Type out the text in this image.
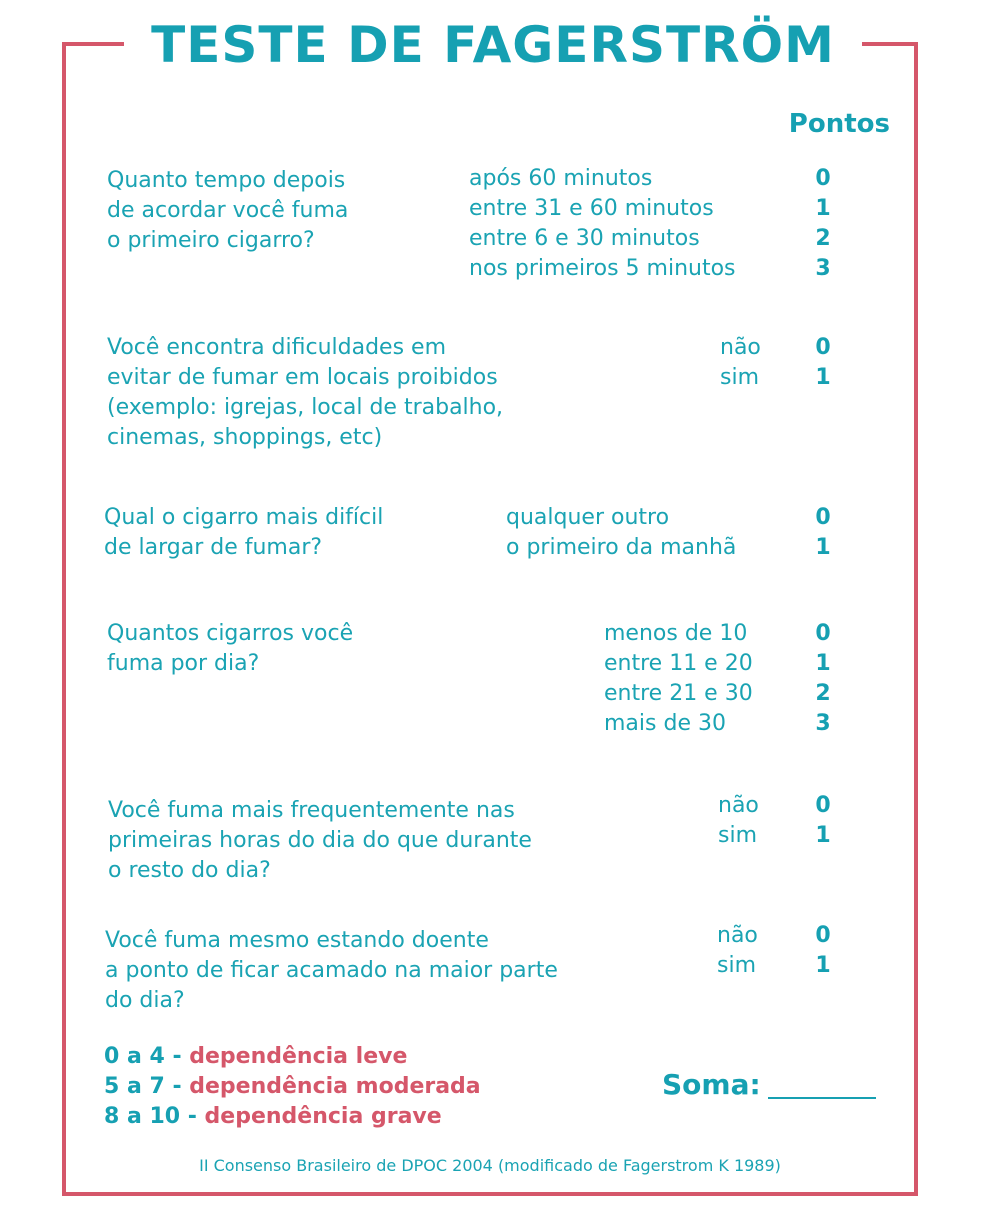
TESTE DE FAGERSTRÖM
Pontos
Quanto tempo depois
de acordar você fuma
o primeiro cigarro?
após 60 minutos
entre 31 e 60 minutos
entre 6 e 30 minutos
nos primeiros 5 minutos
0
1
2
3
Você encontra dificuldades em
evitar de fumar em locais proibidos
(exemplo: igrejas, local de trabalho,
cinemas, shoppings, etc)
não
sim
0
1
Qual o cigarro mais difícil
de largar de fumar?
qualquer outro
o primeiro da manhã
0
1
Quantos cigarros você
fuma por dia?
menos de 10
entre 11 e 20
entre 21 e 30
mais de 30
0
1
2
3
Você fuma mais frequentemente nas
primeiras horas do dia do que durante
o resto do dia?
não
sim
0
1
Você fuma mesmo estando doente
a ponto de ficar acamado na maior parte
do dia?
não
sim
0
1
0 a 4 - dependência leve
5 a 7 - dependência moderada
8 a 10 - dependência grave
Soma:
II Consenso Brasileiro de DPOC 2004 (modificado de Fagerstrom K 1989)
